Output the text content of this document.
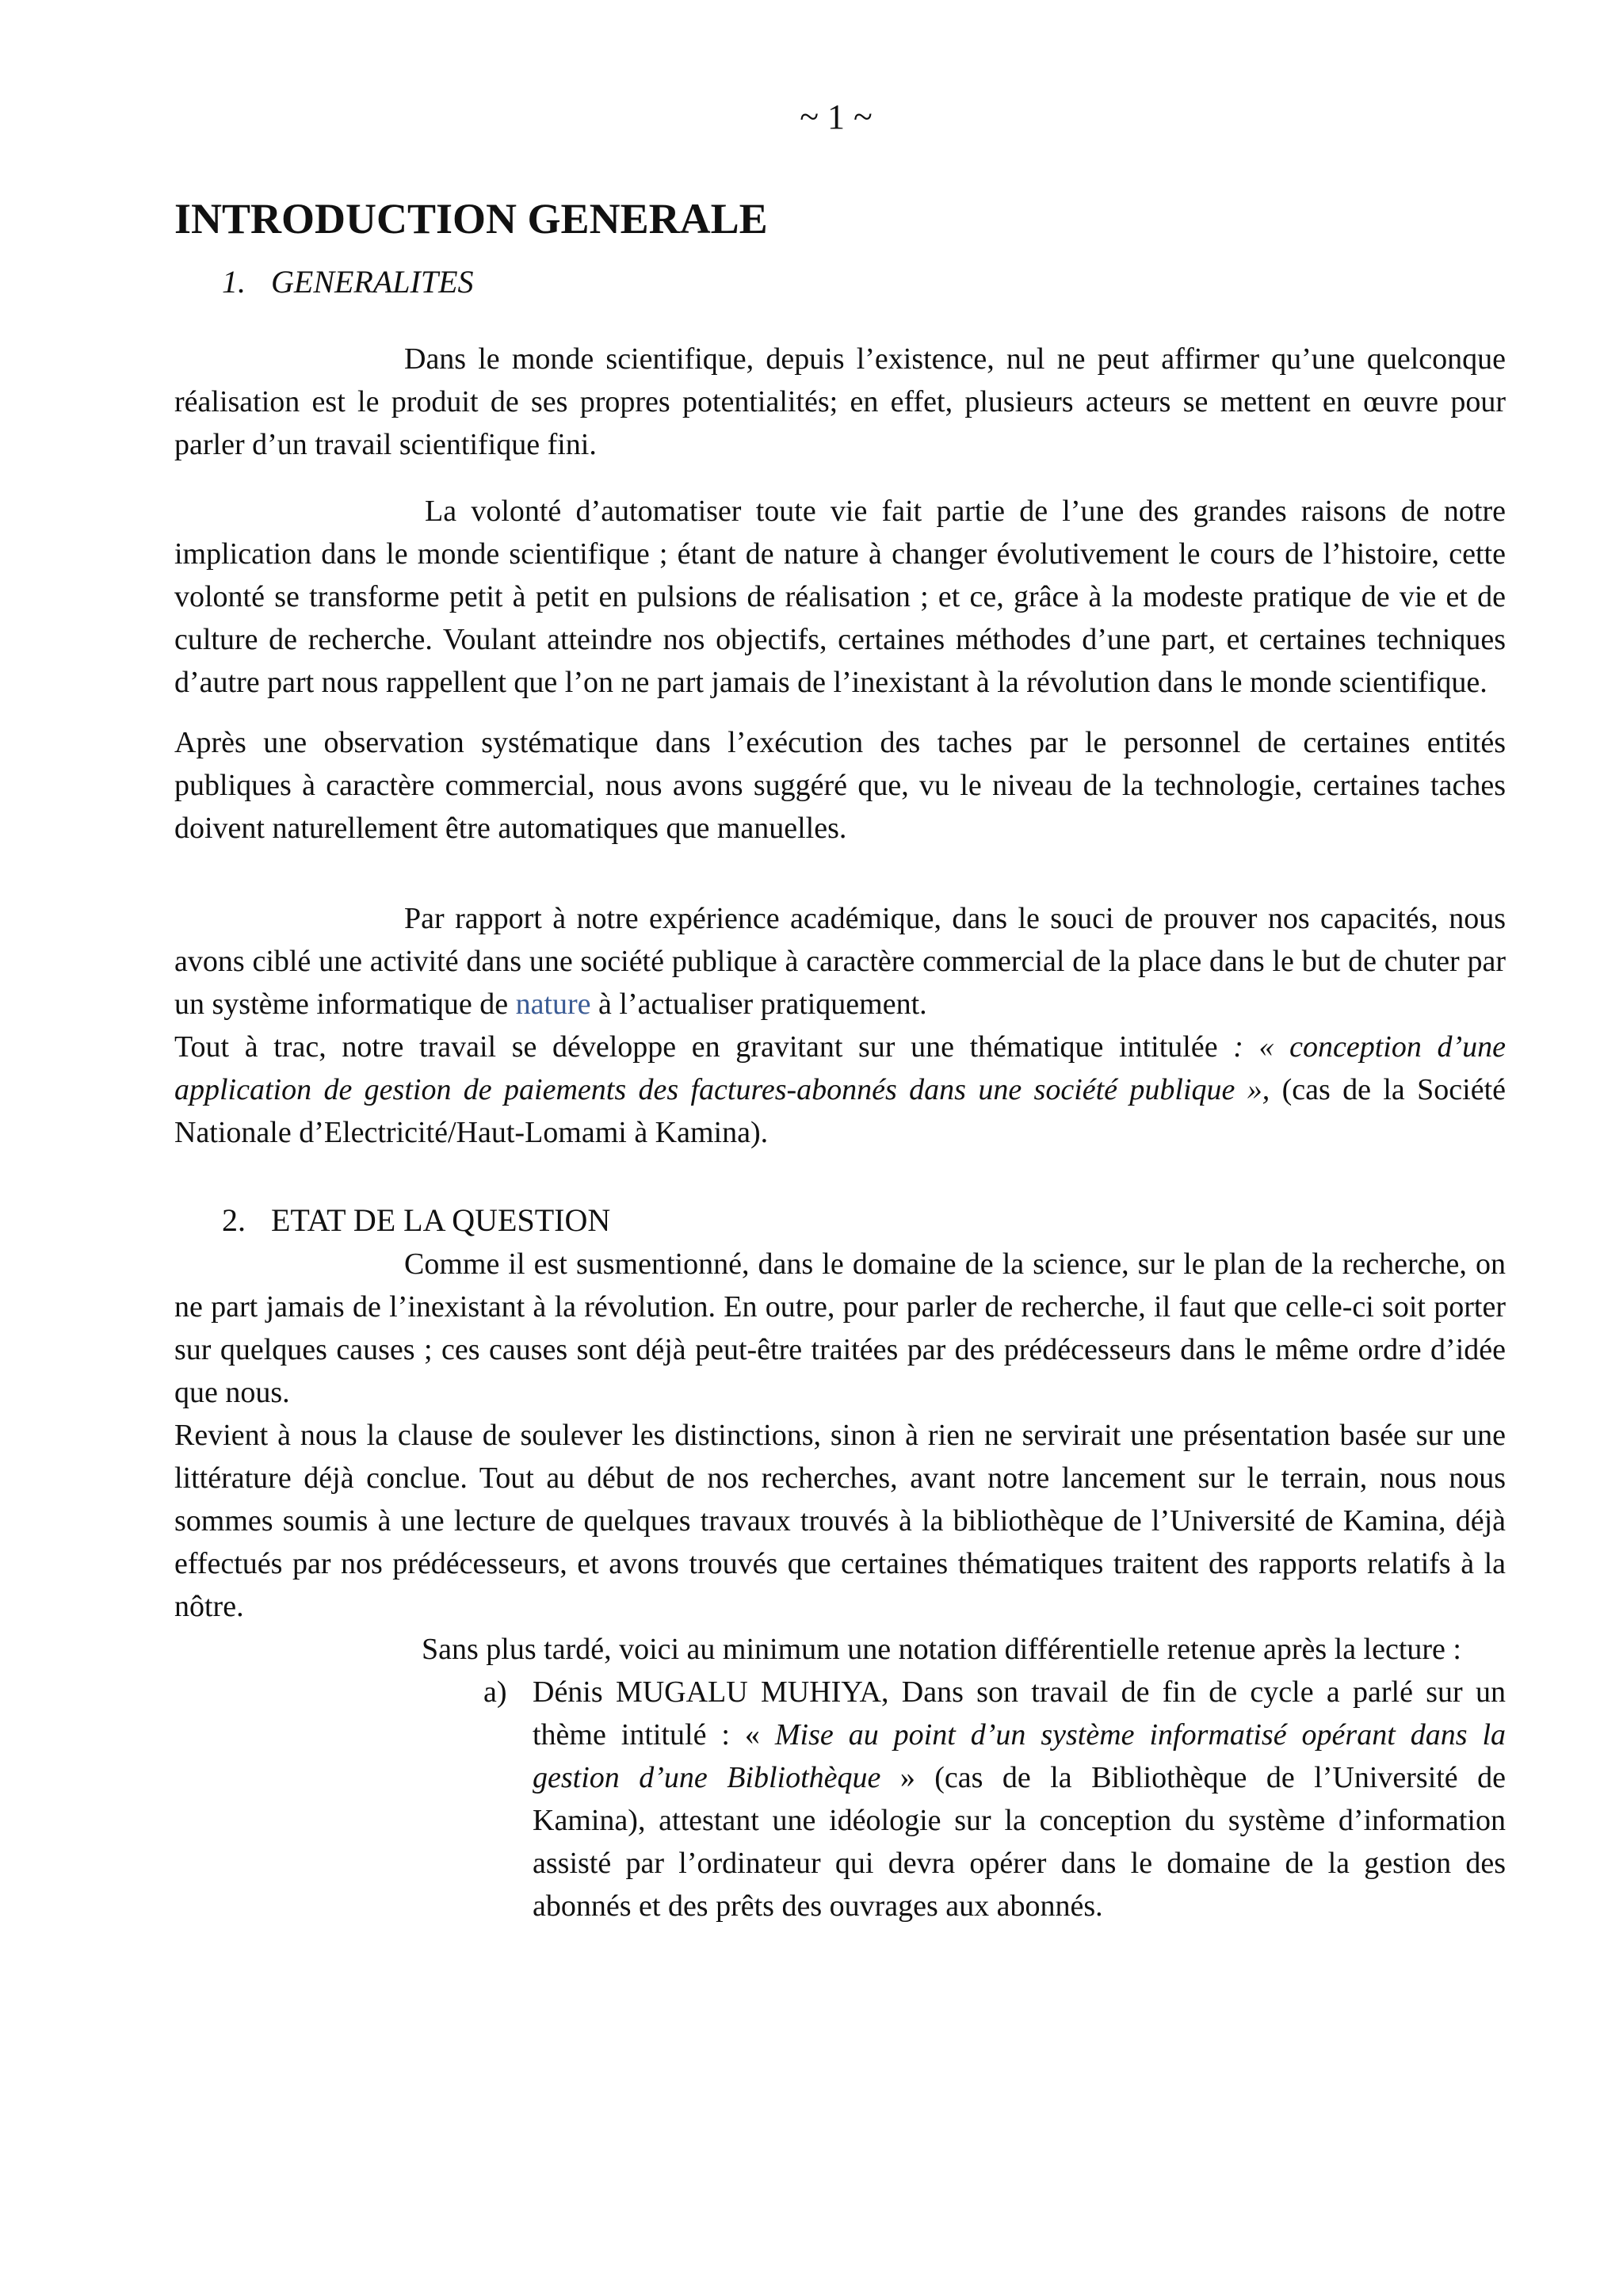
~ 1 ~
INTRODUCTION GENERALE
1. GENERALITES

Dans le monde scientifique, depuis l’existence, nul ne peut affirmer qu’une quelconque réalisation est le produit de ses propres potentialités; en effet, plusieurs acteurs se mettent en œuvre pour parler d’un travail scientifique fini.

La volonté d’automatiser toute vie fait partie de l’une des grandes raisons de notre implication dans le monde scientifique ; étant de nature à changer évolutivement le cours de l’histoire, cette volonté se transforme petit à petit en pulsions de réalisation ; et ce, grâce à la modeste pratique de vie et de culture de recherche. Voulant atteindre nos objectifs, certaines méthodes d’une part, et certaines techniques d’autre part nous rappellent que l’on ne part jamais de l’inexistant à la révolution dans le monde scientifique.

Après une observation systématique dans l’exécution des taches par le personnel de certaines entités publiques à caractère commercial, nous avons suggéré que, vu le niveau de la technologie, certaines taches doivent naturellement être automatiques que manuelles.

Par rapport à notre expérience académique, dans le souci de prouver nos capacités, nous avons ciblé une activité dans une société publique à caractère commercial de la place dans le but de chuter par un système informatique de nature à l’actualiser pratiquement.

Tout à trac, notre travail se développe en gravitant sur une thématique intitulée : « conception d’une application de gestion de paiements des factures-abonnés dans une société publique », (cas de la Société Nationale d’Electricité/Haut-Lomami à Kamina).

2. ETAT DE LA QUESTION

Comme il est susmentionné, dans le domaine de la science, sur le plan de la recherche, on ne part jamais de l’inexistant à la révolution. En outre, pour parler de recherche, il faut que celle-ci soit porter sur quelques causes ; ces causes sont déjà peut-être traitées par des prédécesseurs dans le même ordre d’idée que nous.

Revient à nous la clause de soulever les distinctions, sinon à rien ne servirait une présentation basée sur une littérature déjà conclue. Tout au début de nos recherches, avant notre lancement sur le terrain, nous nous sommes soumis à une lecture de quelques travaux trouvés à la bibliothèque de l’Université de Kamina, déjà effectués par nos prédécesseurs, et avons trouvés que certaines thématiques traitent des rapports relatifs à la nôtre.

Sans plus tardé, voici au minimum une notation différentielle retenue après la lecture :

a) Dénis MUGALU MUHIYA, Dans son travail de fin de cycle a parlé sur un thème intitulé : « Mise au point d’un système informatisé opérant dans la gestion d’une Bibliothèque » (cas de la Bibliothèque de l’Université de Kamina), attestant une idéologie sur la conception du système d’information assisté par l’ordinateur qui devra opérer dans le domaine de la gestion des abonnés et des prêts des ouvrages aux abonnés.
